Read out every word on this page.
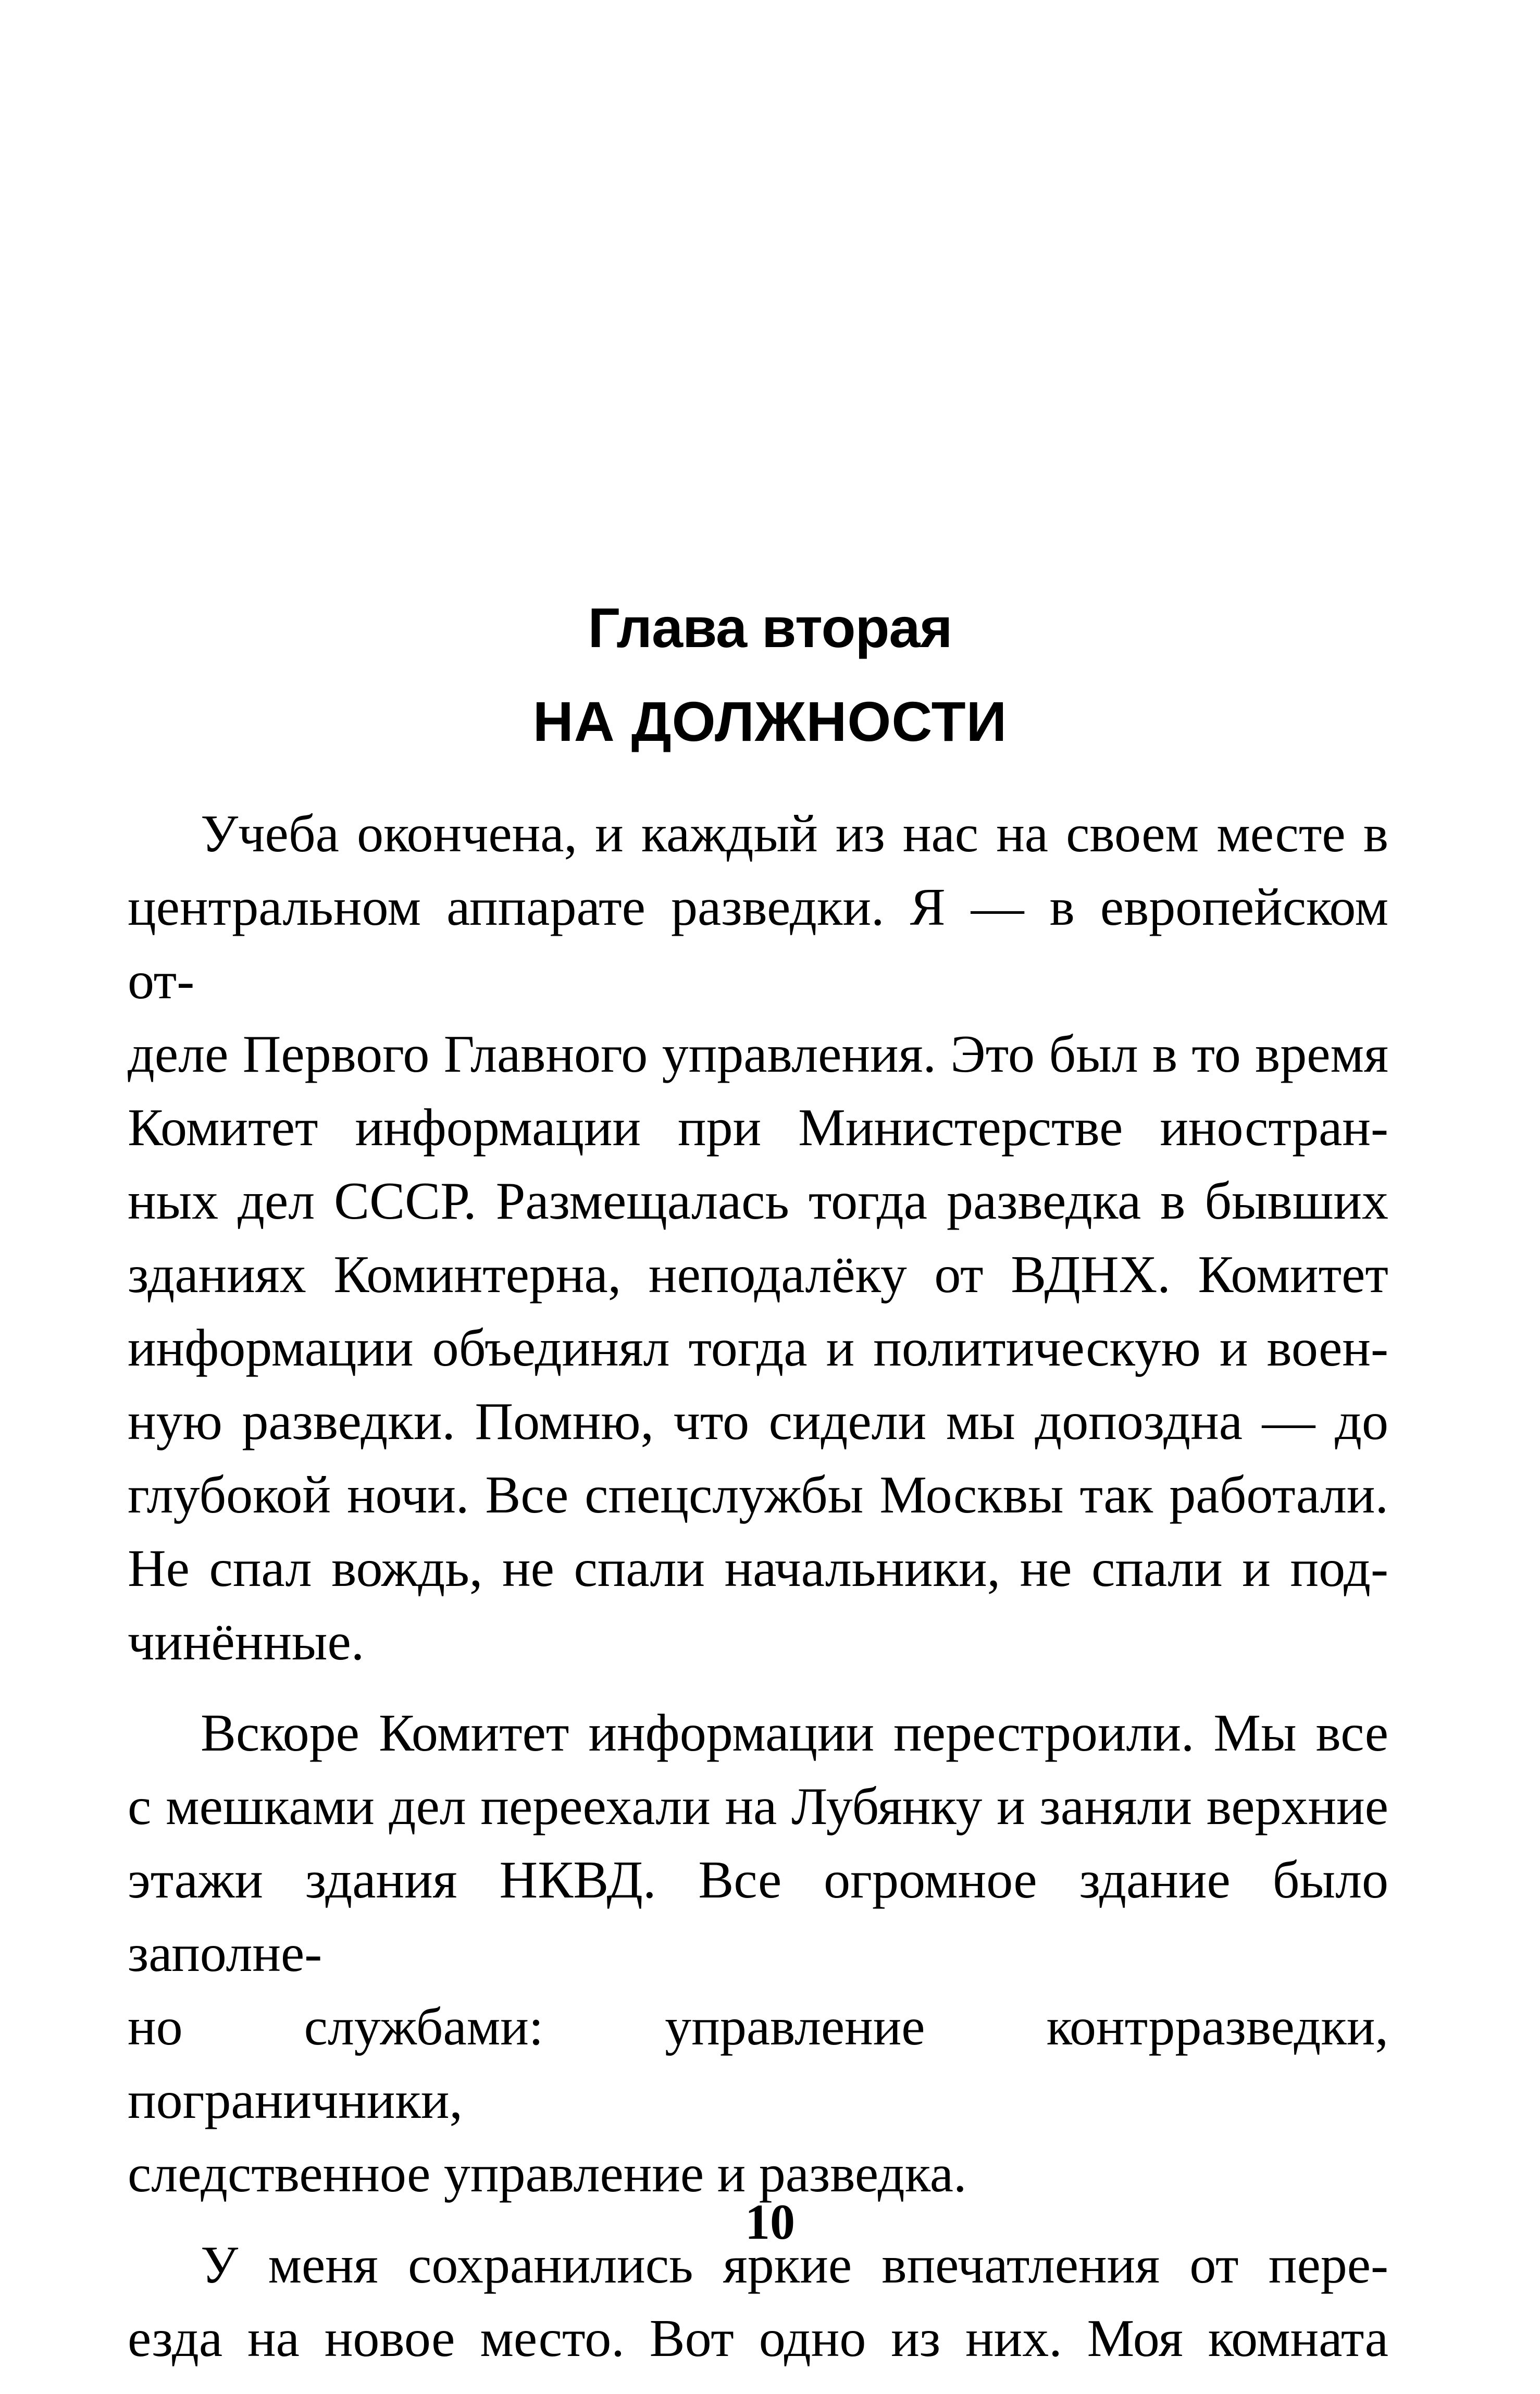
Глава вторая
НА ДОЛЖНОСТИ

Учеба окончена, и каждый из нас на своем месте в
центральном аппарате разведки. Я — в европейском от-
деле Первого Главного управления. Это был в то время
Комитет информации при Министерстве иностран-
ных дел СССР. Размещалась тогда разведка в бывших
зданиях Коминтерна, неподалёку от ВДНХ. Комитет
информации объединял тогда и политическую и воен-
ную разведки. Помню, что сидели мы допоздна — до
глубокой ночи. Все спецслужбы Москвы так работали.
Не спал вождь, не спали начальники, не спали и под-
чинённые.

Вскоре Комитет информации перестроили. Мы все
с мешками дел переехали на Лубянку и заняли верхние
этажи здания НКВД. Все огромное здание было заполне-
но службами: управление контрразведки, пограничники,
следственное управление и разведка.

У меня сохранились яркие впечатления от пере-
езда на новое место. Вот одно из них. Моя комната

10
